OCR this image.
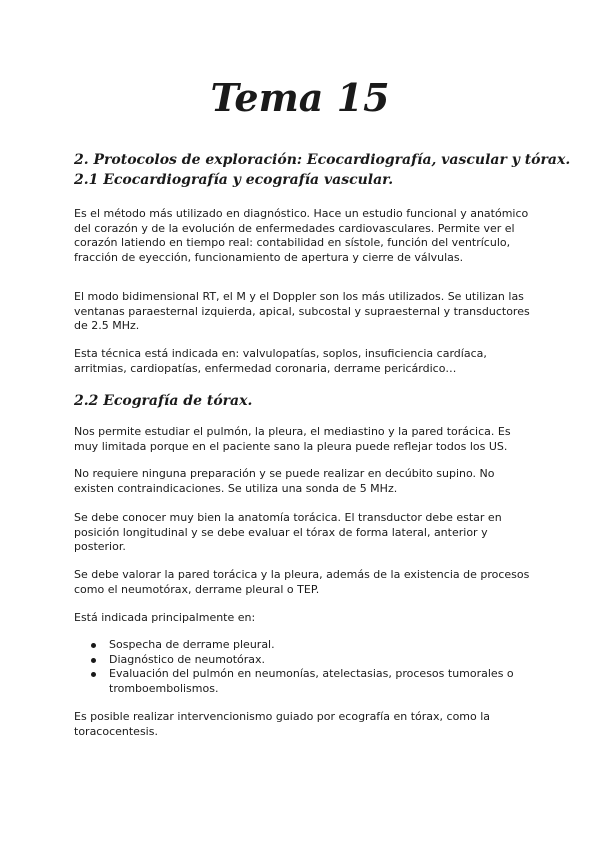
Tema 15
2. Protocolos de exploración: Ecocardiografía, vascular y tórax.
2.1 Ecocardiografía y ecografía vascular.

Es el método más utilizado en diagnóstico. Hace un estudio funcional y anatómico del corazón y de la evolución de enfermedades cardiovasculares. Permite ver el corazón latiendo en tiempo real: contabilidad en sístole, función del ventrículo, fracción de eyección, funcionamiento de apertura y cierre de válvulas.

El modo bidimensional RT, el M y el Doppler son los más utilizados. Se utilizan las ventanas paraesternal izquierda, apical, subcostal y supraesternal y transductores de 2.5 MHz.

Esta técnica está indicada en: valvulopatías, soplos, insuficiencia cardíaca, arritmias, cardiopatías, enfermedad coronaria, derrame pericárdico…

2.2 Ecografía de tórax.

Nos permite estudiar el pulmón, la pleura, el mediastino y la pared torácica. Es muy limitada porque en el paciente sano la pleura puede reflejar todos los US.

No requiere ninguna preparación y se puede realizar en decúbito supino. No existen contraindicaciones. Se utiliza una sonda de 5 MHz.

Se debe conocer muy bien la anatomía torácica. El transductor debe estar en posición longitudinal y se debe evaluar el tórax de forma lateral, anterior y posterior.

Se debe valorar la pared torácica y la pleura, además de la existencia de procesos como el neumotórax, derrame pleural o TEP.

Está indicada principalmente en:

Sospecha de derrame pleural.
Diagnóstico de neumotórax.
Evaluación del pulmón en neumonías, atelectasias, procesos tumorales o tromboembolismos.

Es posible realizar intervencionismo guiado por ecografía en tórax, como la toracocentesis.
